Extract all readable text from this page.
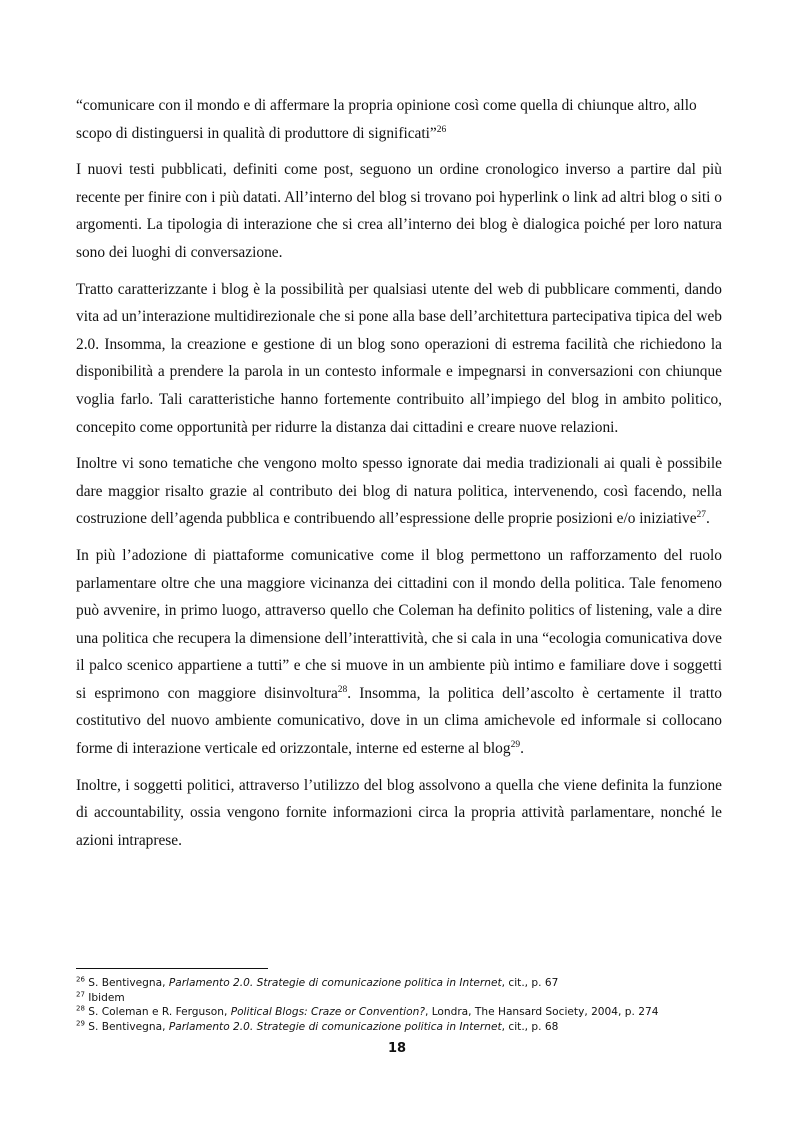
“comunicare con il mondo e di affermare la propria opinione così come quella di chiunque altro, allo scopo di distinguersi in qualità di produttore di significati”$^{26}$

I nuovi testi pubblicati, definiti come post, seguono un ordine cronologico inverso a partire dal più recente per finire con i più datati. All’interno del blog si trovano poi hyperlink o link ad altri blog o siti o argomenti. La tipologia di interazione che si crea all’interno dei blog è dialogica poiché per loro natura sono dei luoghi di conversazione.

Tratto caratterizzante i blog è la possibilità per qualsiasi utente del web di pubblicare commenti, dando vita ad un’interazione multidirezionale che si pone alla base dell’architettura partecipativa tipica del web 2.0. Insomma, la creazione e gestione di un blog sono operazioni di estrema facilità che richiedono la disponibilità a prendere la parola in un contesto informale e impegnarsi in conversazioni con chiunque voglia farlo. Tali caratteristiche hanno fortemente contribuito all’impiego del blog in ambito politico, concepito come opportunità per ridurre la distanza dai cittadini e creare nuove relazioni.

Inoltre vi sono tematiche che vengono molto spesso ignorate dai media tradizionali ai quali è possibile dare maggior risalto grazie al contributo dei blog di natura politica, intervenendo, così facendo, nella costruzione dell’agenda pubblica e contribuendo all’espressione delle proprie posizioni e/o iniziative$^{27}$.

In più l’adozione di piattaforme comunicative come il blog permettono un rafforzamento del ruolo parlamentare oltre che una maggiore vicinanza dei cittadini con il mondo della politica. Tale fenomeno può avvenire, in primo luogo, attraverso quello che Coleman ha definito politics of listening, vale a dire una politica che recupera la dimensione dell’interattività, che si cala in una “ecologia comunicativa dove il palco scenico appartiene a tutti” e che si muove in un ambiente più intimo e familiare dove i soggetti si esprimono con maggiore disinvoltura$^{28}$. Insomma, la politica dell’ascolto è certamente il tratto costitutivo del nuovo ambiente comunicativo, dove in un clima amichevole ed informale si collocano forme di interazione verticale ed orizzontale, interne ed esterne al blog$^{29}$.

Inoltre, i soggetti politici, attraverso l’utilizzo del blog assolvono a quella che viene definita la funzione di accountability, ossia vengono fornite informazioni circa la propria attività parlamentare, nonché le azioni intraprese.

$^{26}$ S. Bentivegna, Parlamento 2.0. Strategie di comunicazione politica in Internet, cit., p. 67
$^{27}$ Ibidem
$^{28}$ S. Coleman e R. Ferguson, Political Blogs: Craze or Convention?, Londra, The Hansard Society, 2004, p. 274
$^{29}$ S. Bentivegna, Parlamento 2.0. Strategie di comunicazione politica in Internet, cit., p. 68
18
